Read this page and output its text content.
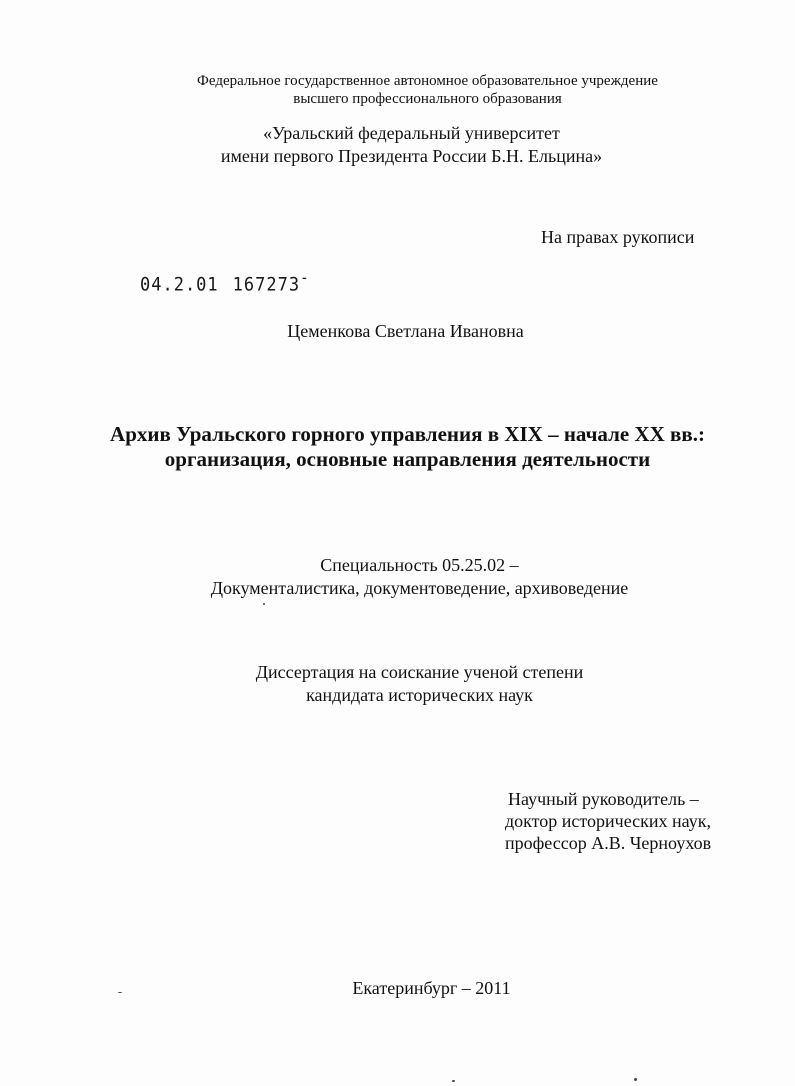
Федеральное государственное автономное образовательное учреждение
высшего профессионального образования
«Уральский федеральный университет
имени первого Президента России Б.Н. Ельцина»
На правах рукописи
04.2.01 167273-
Цеменкова Светлана Ивановна
Архив Уральского горного управления в XIX – начале XX вв.:
организация, основные направления деятельности
Специальность 05.25.02 –
Документалистика, документоведение, архивоведение
Диссертация на соискание ученой степени
кандидата исторических наук
Научный руководитель –
доктор исторических наук,
профессор А.В. Черноухов
Екатеринбург – 2011
